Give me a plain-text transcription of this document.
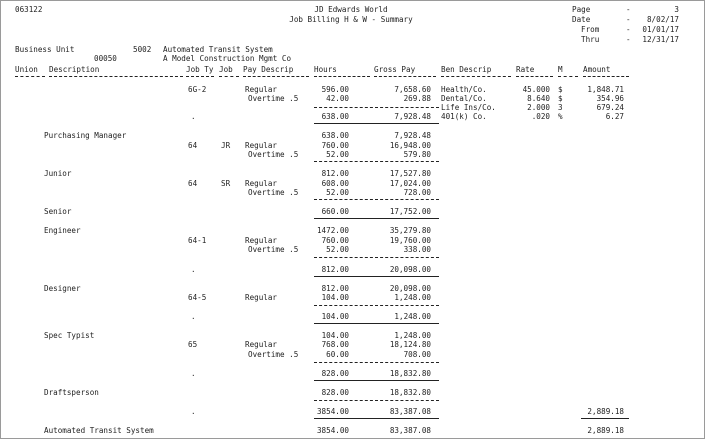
063122	JD Edwards World
Job Billing H & W - Summary
Page	-	3
Date	-	8/02/17
From	-	01/01/17
Thru	-	12/31/17
Business Unit	5002 Automated Transit System
00050	A Model Construction Mgmt Co
Union Description	Job Ty Job Pay Descrip	Hours	Gross Pay	Ben Descrip	Rate	M	Amount
6G-2	Regular	596.00	7,658.60 Health/Co.	45.000 $	1,848.71
Overtime .5	42.00	269.88 Dental/Co.	8.640 $	354.96
Life Ins/Co.	2.000 3	679.24
.	638.00	7,928.48 401(k) Co.	.020 %	6.27
Purchasing Manager	638.00	7,928.48
64	JR Regular	760.00	16,948.00
Overtime .5	52.00	579.80
Junior	812.00	17,527.80
64	SR Regular	608.00	17,024.00
Overtime .5	52.00	728.00
Senior	660.00	17,752.00
Engineer	1472.00	35,279.80
64-1	Regular	760.00	19,760.00
Overtime .5	52.00	338.00
.	812.00	20,098.00
Designer	812.00	20,098.00
64-5	Regular	104.00	1,248.00
.	104.00	1,248.00
Spec Typist	104.00	1,248.00
65	Regular	768.00	18,124.80
Overtime .5	60.00	708.00
.	828.00	18,832.80
Draftsperson	828.00	18,832.80
.	3854.00	83,387.08	2,889.18
Automated Transit System	3854.00	83,387.08	2,889.18
